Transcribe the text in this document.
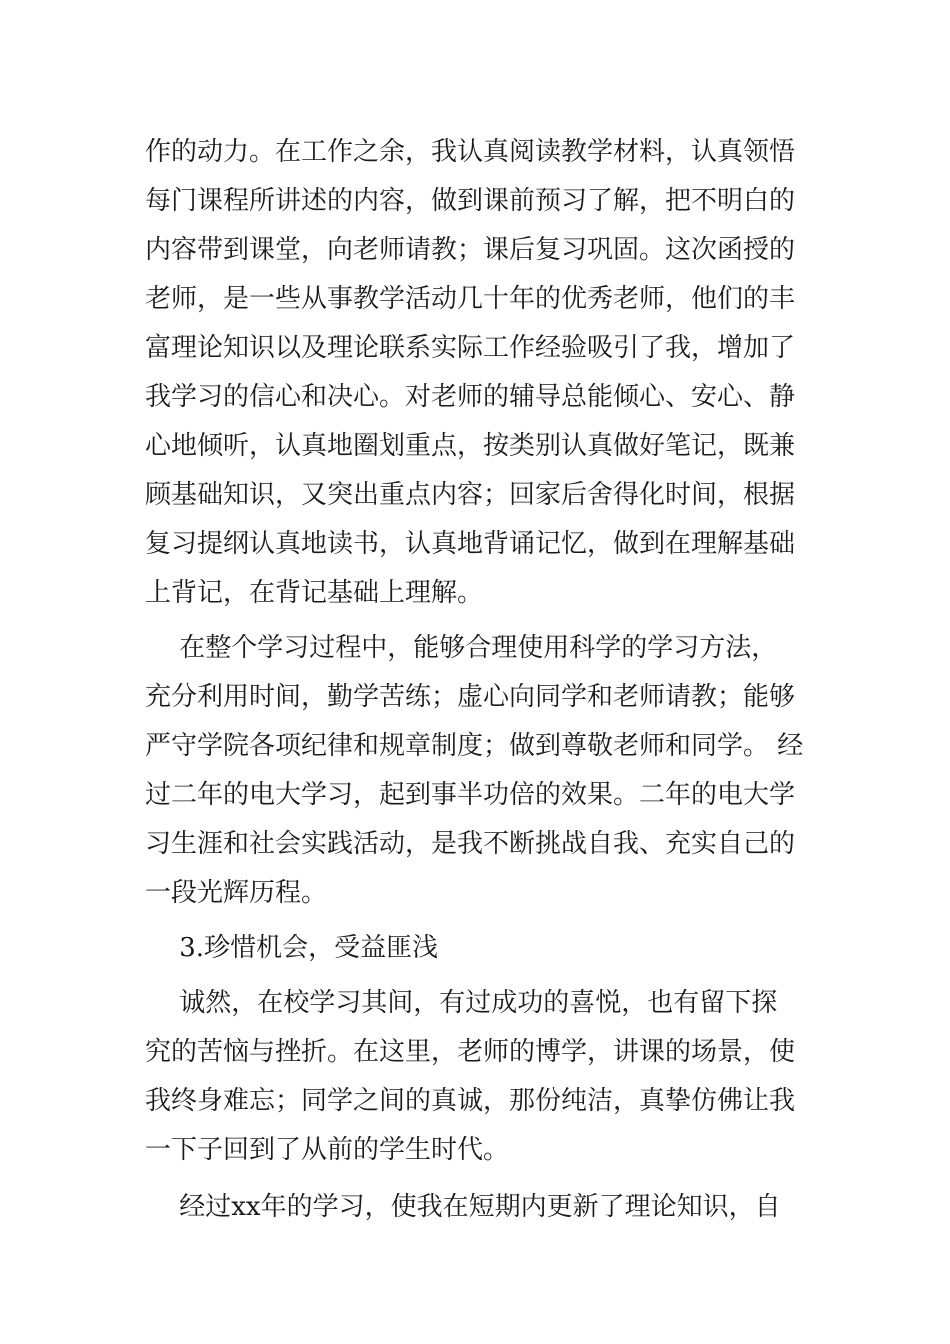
作的动力。在工作之余，我认真阅读教学材料，认真领悟
每门课程所讲述的内容，做到课前预习了解，把不明白的
内容带到课堂，向老师请教；课后复习巩固。这次函授的
老师，是一些从事教学活动几十年的优秀老师，他们的丰
富理论知识以及理论联系实际工作经验吸引了我，增加了
我学习的信心和决心。对老师的辅导总能倾心、安心、静
心地倾听，认真地圈划重点，按类别认真做好笔记，既兼
顾基础知识，又突出重点内容；回家后舍得化时间，根据
复习提纲认真地读书，认真地背诵记忆，做到在理解基础
上背记，在背记基础上理解。
　 在整个学习过程中，能够合理使用科学的学习方法，
充分利用时间，勤学苦练；虚心向同学和老师请教；能够
严守学院各项纪律和规章制度；做到尊敬老师和同学。 经
过二年的电大学习，起到事半功倍的效果。二年的电大学
习生涯和社会实践活动，是我不断挑战自我、充实自己的
一段光辉历程。
　 3.珍惜机会，受益匪浅
　 诚然，在校学习其间，有过成功的喜悦，也有留下探
究的苦恼与挫折。在这里，老师的博学，讲课的场景，使
我终身难忘；同学之间的真诚，那份纯洁，真挚仿佛让我
一下子回到了从前的学生时代。
　 经过xx年的学习，使我在短期内更新了理论知识，自
